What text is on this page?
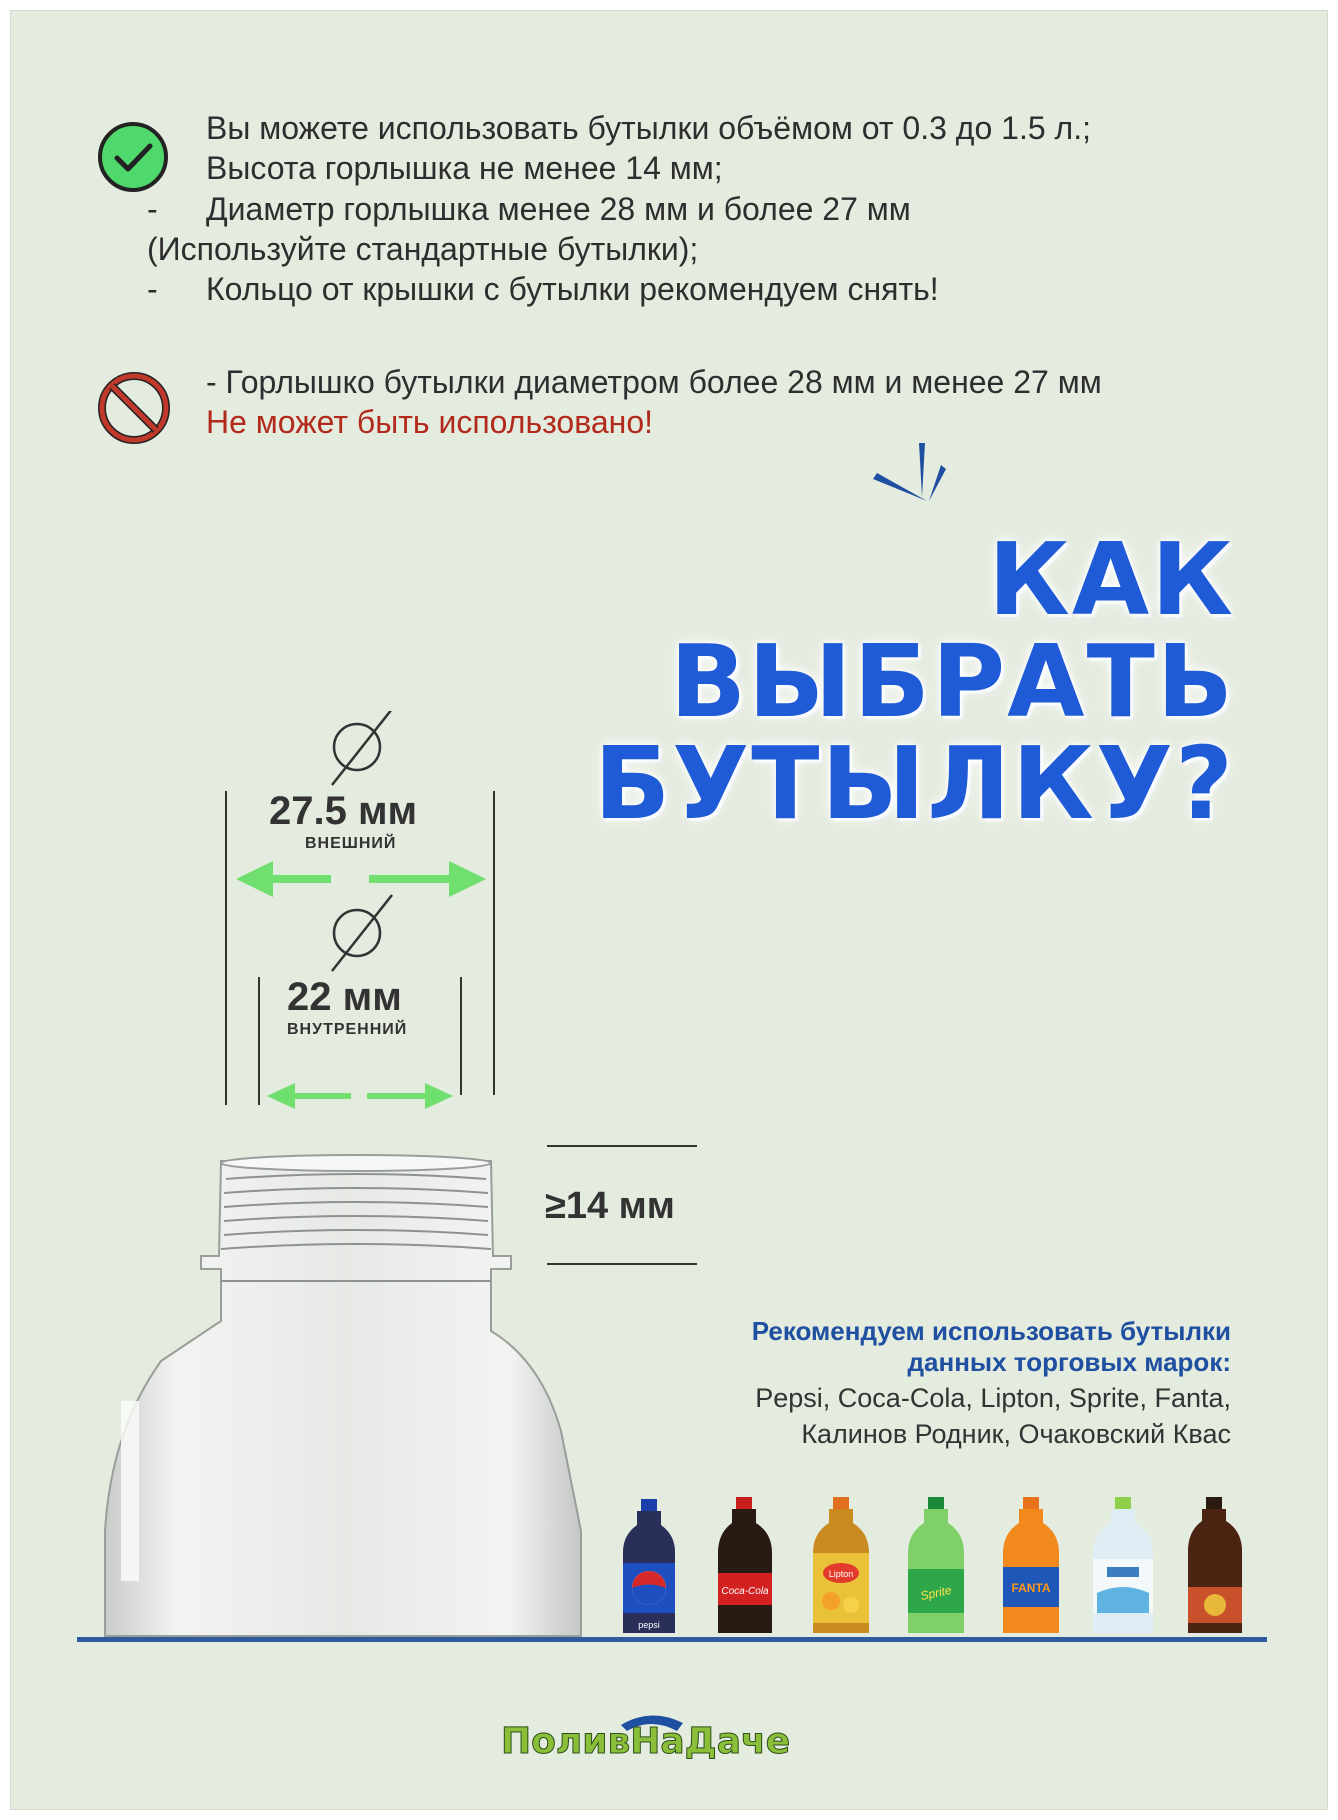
Вы можете использовать бутылки объёмом от 0.3 до 1.5 л.;
Высота горлышка не менее 14 мм;
- Диаметр горлышка менее 28 мм и более 27 мм
(Используйте стандартные бутылки);
- Кольцо от крышки с бутылки рекомендуем снять!
- Горлышко бутылки диаметром более 28 мм и менее 27 мм
Не может быть использовано!
КАК
ВЫБРАТЬ
БУТЫЛКУ?
27.5 мм
ВНЕШНИЙ
22 мм
ВНУТРЕННИЙ
≥14 мм
Рекомендуем использовать бутылки
данных торговых марок:
Pepsi, Coca-Cola, Lipton, Sprite, Fanta,
Калинов Родник, Очаковский Квас
pepsi
Coca-Cola
Lipton
Sprite	FANTA
ПоливНаДаче
